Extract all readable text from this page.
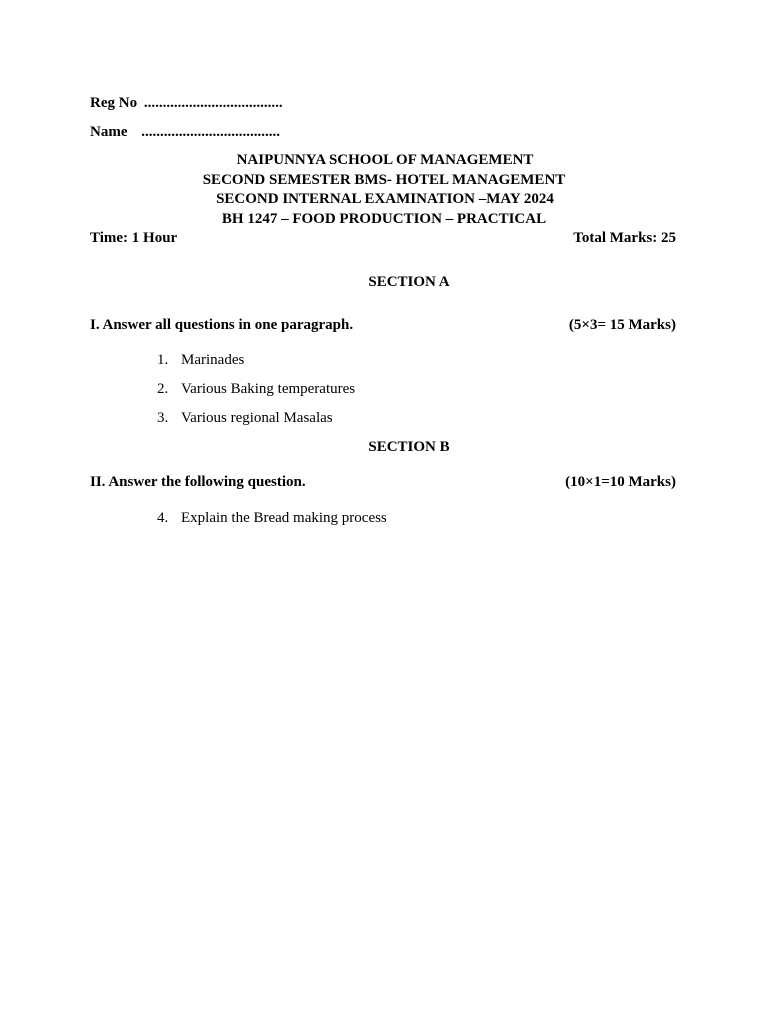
Reg No .....................................
Name .....................................
NAIPUNNYA SCHOOL OF MANAGEMENT
SECOND SEMESTER BMS- HOTEL MANAGEMENT
SECOND INTERNAL EXAMINATION –MAY 2024
BH 1247 – FOOD PRODUCTION – PRACTICAL
Time: 1 Hour	Total Marks: 25
SECTION A
I. Answer all questions in one paragraph.	(5×3= 15 Marks)
1. Marinades
2. Various Baking temperatures
3. Various regional Masalas
SECTION B
II. Answer the following question.	(10×1=10 Marks)
4. Explain the Bread making process
